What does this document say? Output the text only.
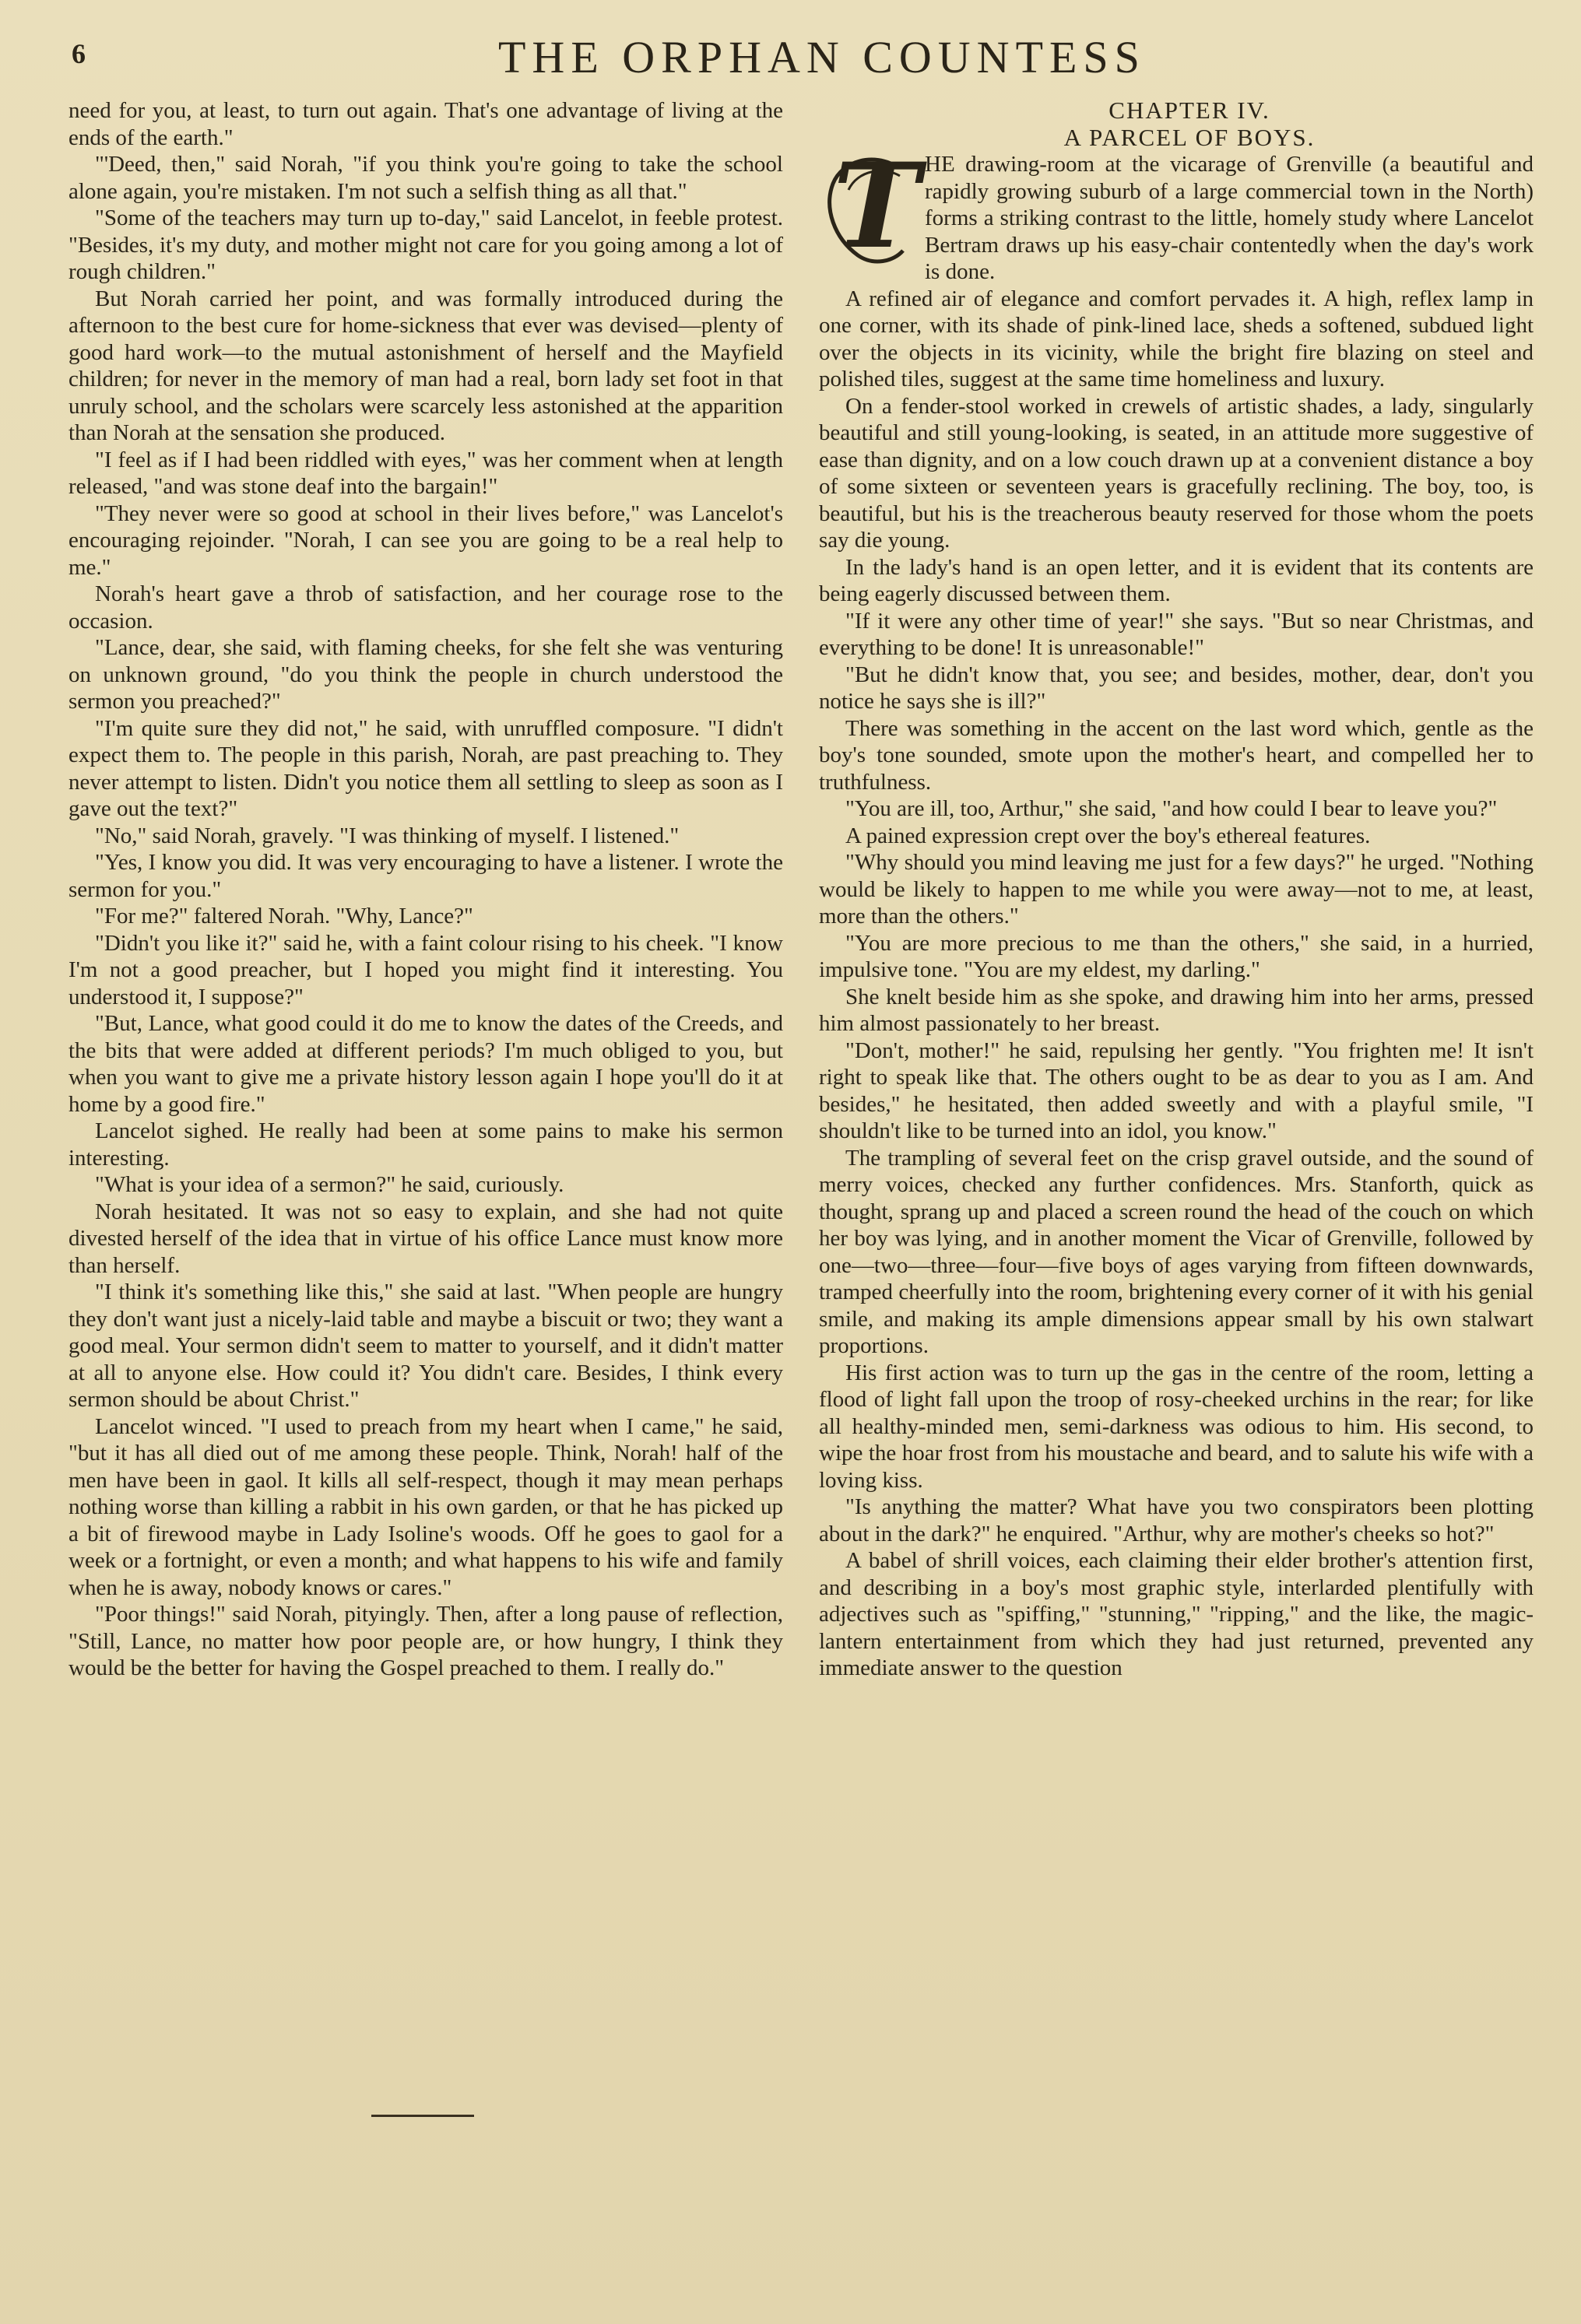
6	THE ORPHAN COUNTESS

need for you, at least, to turn out again. That's one advantage of living at the ends of the earth."

"'Deed, then," said Norah, "if you think you're going to take the school alone again, you're mistaken. I'm not such a selfish thing as all that."

"Some of the teachers may turn up to-day," said Lancelot, in feeble protest. "Besides, it's my duty, and mother might not care for you going among a lot of rough children."

But Norah carried her point, and was formally introduced during the afternoon to the best cure for home-sickness that ever was devised—plenty of good hard work—to the mutual astonishment of herself and the Mayfield children; for never in the memory of man had a real, born lady set foot in that unruly school, and the scholars were scarcely less astonished at the apparition than Norah at the sensation she produced.

"I feel as if I had been riddled with eyes," was her comment when at length released, "and was stone deaf into the bargain!"

"They never were so good at school in their lives before," was Lancelot's encouraging rejoinder. "Norah, I can see you are going to be a real help to me."

Norah's heart gave a throb of satisfaction, and her courage rose to the occasion.

"Lance, dear, she said, with flaming cheeks, for she felt she was venturing on unknown ground, "do you think the people in church understood the sermon you preached?"

"I'm quite sure they did not," he said, with unruffled composure. "I didn't expect them to. The people in this parish, Norah, are past preaching to. They never attempt to listen. Didn't you notice them all settling to sleep as soon as I gave out the text?"

"No," said Norah, gravely. "I was thinking of myself. I listened."

"Yes, I know you did. It was very encouraging to have a listener. I wrote the sermon for you."

"For me?" faltered Norah. "Why, Lance?"

"Didn't you like it?" said he, with a faint colour rising to his cheek. "I know I'm not a good preacher, but I hoped you might find it interesting. You understood it, I suppose?"

"But, Lance, what good could it do me to know the dates of the Creeds, and the bits that were added at different periods? I'm much obliged to you, but when you want to give me a private history lesson again I hope you'll do it at home by a good fire."

Lancelot sighed. He really had been at some pains to make his sermon interesting.

"What is your idea of a sermon?" he said, curiously.

Norah hesitated. It was not so easy to explain, and she had not quite divested herself of the idea that in virtue of his office Lance must know more than herself.

"I think it's something like this," she said at last. "When people are hungry they don't want just a nicely-laid table and maybe a biscuit or two; they want a good meal. Your sermon didn't seem to matter to yourself, and it didn't matter at all to anyone else. How could it? You didn't care. Besides, I think every sermon should be about Christ."

Lancelot winced. "I used to preach from my heart when I came," he said, "but it has all died out of me among these people. Think, Norah! half of the men have been in gaol. It kills all self-respect, though it may mean perhaps nothing worse than killing a rabbit in his own garden, or that he has picked up a bit of firewood maybe in Lady Isoline's woods. Off he goes to gaol for a week or a fortnight, or even a month; and what happens to his wife and family when he is away, nobody knows or cares."

"Poor things!" said Norah, pityingly. Then, after a long pause of reflection, "Still, Lance, no matter how poor people are, or how hungry, I think they would be the better for having the Gospel preached to them. I really do."

CHAPTER IV.

A PARCEL OF BOYS.

T HE drawing-room at the vicarage of Grenville (a beautiful and rapidly growing suburb of a large commercial town in the North) forms a striking contrast to the little, homely study where Lancelot Bertram draws up his easy-chair contentedly when the day's work is done.

A refined air of elegance and comfort pervades it. A high, reflex lamp in one corner, with its shade of pink-lined lace, sheds a softened, subdued light over the objects in its vicinity, while the bright fire blazing on steel and polished tiles, suggest at the same time homeliness and luxury.

On a fender-stool worked in crewels of artistic shades, a lady, singularly beautiful and still young-looking, is seated, in an attitude more suggestive of ease than dignity, and on a low couch drawn up at a convenient distance a boy of some sixteen or seventeen years is gracefully reclining. The boy, too, is beautiful, but his is the treacherous beauty reserved for those whom the poets say die young.

In the lady's hand is an open letter, and it is evident that its contents are being eagerly discussed between them.

"If it were any other time of year!" she says. "But so near Christmas, and everything to be done! It is unreasonable!"

"But he didn't know that, you see; and besides, mother, dear, don't you notice he says she is ill?"

There was something in the accent on the last word which, gentle as the boy's tone sounded, smote upon the mother's heart, and compelled her to truthfulness.

"You are ill, too, Arthur," she said, "and how could I bear to leave you?"

A pained expression crept over the boy's ethereal features.

"Why should you mind leaving me just for a few days?" he urged. "Nothing would be likely to happen to me while you were away—not to me, at least, more than the others."

"You are more precious to me than the others," she said, in a hurried, impulsive tone. "You are my eldest, my darling."

She knelt beside him as she spoke, and drawing him into her arms, pressed him almost passionately to her breast.

"Don't, mother!" he said, repulsing her gently. "You frighten me! It isn't right to speak like that. The others ought to be as dear to you as I am. And besides," he hesitated, then added sweetly and with a playful smile, "I shouldn't like to be turned into an idol, you know."

The trampling of several feet on the crisp gravel outside, and the sound of merry voices, checked any further confidences. Mrs. Stanforth, quick as thought, sprang up and placed a screen round the head of the couch on which her boy was lying, and in another moment the Vicar of Grenville, followed by one—two—three—four—five boys of ages varying from fifteen downwards, tramped cheerfully into the room, brightening every corner of it with his genial smile, and making its ample dimensions appear small by his own stalwart proportions.

His first action was to turn up the gas in the centre of the room, letting a flood of light fall upon the troop of rosy-cheeked urchins in the rear; for like all healthy-minded men, semi-darkness was odious to him. His second, to wipe the hoar frost from his moustache and beard, and to salute his wife with a loving kiss.

"Is anything the matter? What have you two conspirators been plotting about in the dark?" he enquired. "Arthur, why are mother's cheeks so hot?"

A babel of shrill voices, each claiming their elder brother's attention first, and describing in a boy's most graphic style, interlarded plentifully with adjectives such as "spiffing," "stunning," "ripping," and the like, the magic-lantern entertainment from which they had just returned, prevented any immediate answer to the question
